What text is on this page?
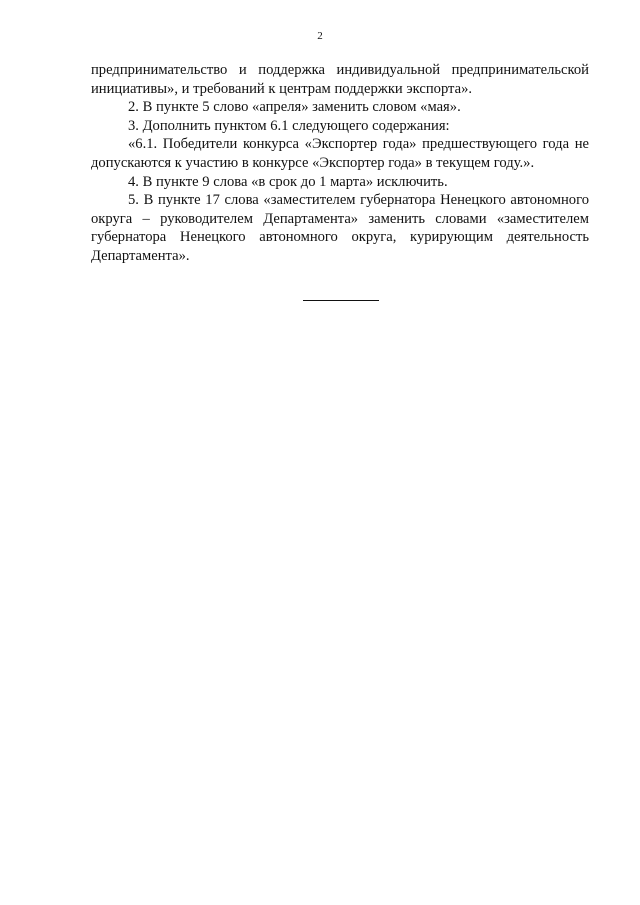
2

предпринимательство и поддержка индивидуальной предпринимательской инициативы», и требований к центрам поддержки экспорта».

2. В пункте 5 слово «апреля» заменить словом «мая».

3. Дополнить пунктом 6.1 следующего содержания:

«6.1. Победители конкурса «Экспортер года» предшествующего года не допускаются к участию в конкурсе «Экспортер года» в текущем году.».

4. В пункте 9 слова «в срок до 1 марта» исключить.

5. В пункте 17 слова «заместителем губернатора Ненецкого автономного округа – руководителем Департамента» заменить словами «заместителем губернатора Ненецкого автономного округа, курирующим деятельность Департамента».
